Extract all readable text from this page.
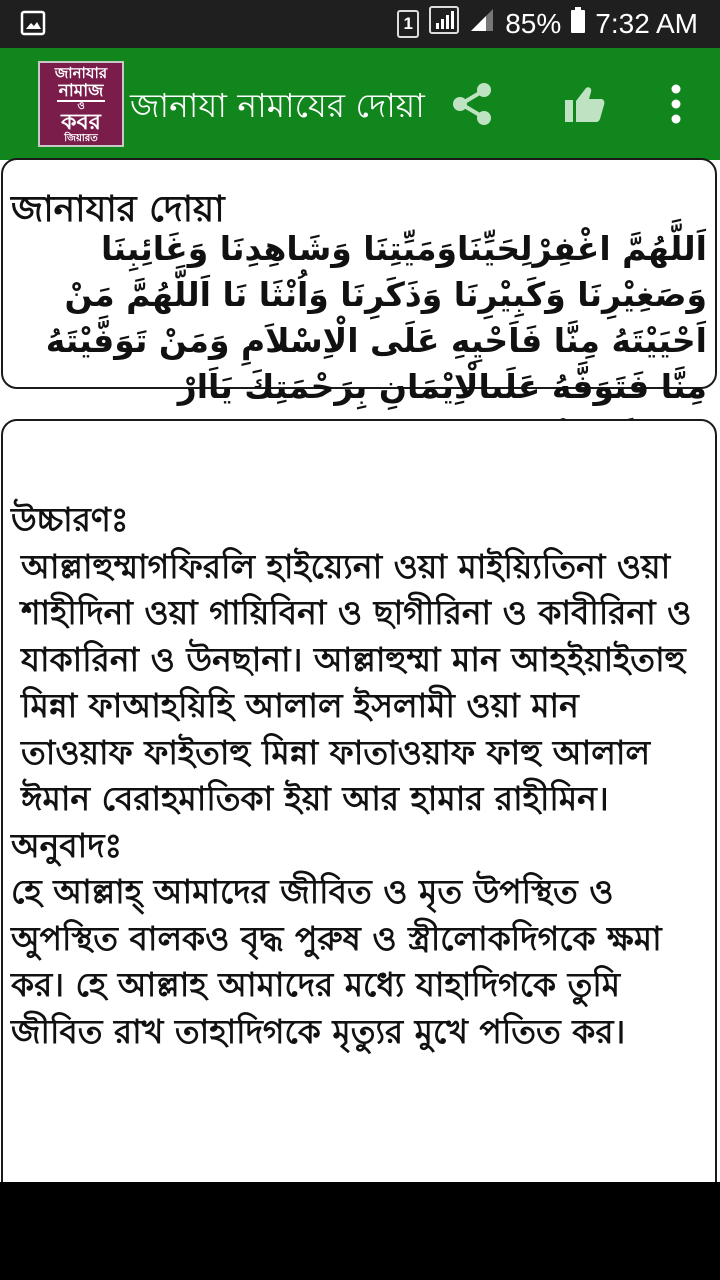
1	85% 7:32 AM
জানাযার
নামাজ
ও
কবর
জিয়ারত
জানাযা নামাযের দোয়া
জানাযার দোয়া
اَللَّهُمَّ اغْفِرْلِحَيِّنَاوَمَيِّتِنَا وَشَاهِدِنَا وَغَائِبِنَا وَصَغِيْرِنَا وَكَبِيْرِنَا وَذَكَرِنَا وَاُنْثَا نَا اَللَّهُمَّ مَنْ اَحْيَيْتَهُ مِنَّا فَاَحْيِهِ عَلَى الْاِسْلاَمِ وَمَنْ تَوَفَّيْتَهُ مِنَّا فَتَوَفَّهُ عَلَىالْاِيْمَانِ بِرَحْمَتِكَ يَاَارْ

উচ্চারণঃ

আল্লাহুম্মাগফিরলি হাইয়্যেনা ওয়া মাইয়্যিতিনা ওয়া শাহীদিনা ওয়া গায়িবিনা ও ছাগীরিনা ও কাবীরিনা ও যাকারিনা ও উনছানা। আল্লাহুম্মা মান আহইয়াইতাহু মিন্না ফাআহয়িহি আলাল ইসলামী ওয়া মান তাওয়াফ ফাইতাহু মিন্না ফাতাওয়াফ ফাহু আলাল ঈমান বেরাহমাতিকা ইয়া আর হামার রাহীমিন।

অনুবাদঃ

হে আল্লাহ্ আমাদের জীবিত ও মৃত উপস্থিত ও অুপস্থিত বালকও বৃদ্ধ পুরুষ ও স্ত্রীলোকদিগকে ক্ষমা কর। হে আল্লাহ আমাদের মধ্যে যাহাদিগকে তুমি জীবিত রাখ তাহাদিগকে মৃত্যুর মুখে পতিত কর।
